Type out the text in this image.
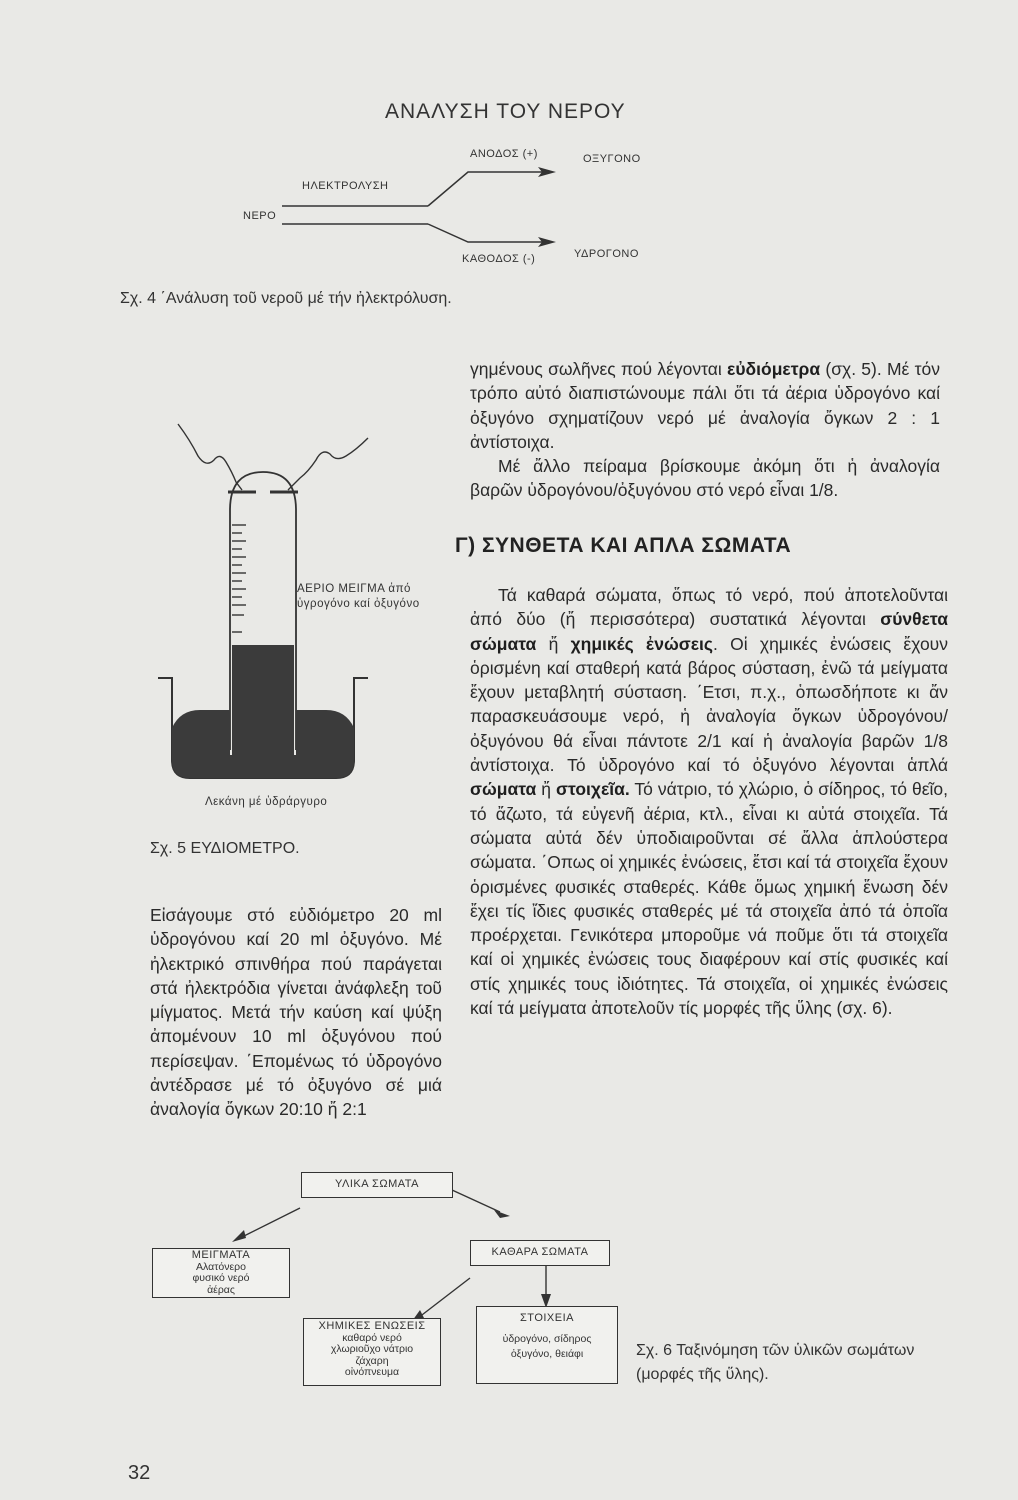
ΑΝΑΛΥΣΗ ΤΟΥ ΝΕΡΟΥ
ΑΝΟΔΟΣ (+)	ΟΞΥΓΟΝΟ
ΗΛΕΚΤΡΟΛΥΣΗ
ΝΕΡΟ
ΚΑΘΟΔΟΣ (-)	ΥΔΡΟΓΟΝΟ
Σχ. 4 ΄Ανάλυση τοῦ νεροῦ μέ τήν ἠλεκτρόλυση.
ΑΕΡΙΟ ΜΕΙΓΜΑ ἀπό
ὑγρογόνο καί ὀξυγόνο
Λεκάνη μέ ὑδράργυρο
Σχ. 5 ΕΥΔΙΟΜΕΤΡΟ.

Εἰσάγουμε στό εὐδιόμετρο 20 ml ὑδρογόνου καί 20 ml ὀξυγόνο. Μέ ἠλεκτρικό σπινθήρα πού παράγεται στά ἠλεκτρόδια γίνεται ἀνάφλεξη τοῦ μίγματος. Μετά τήν καύση καί ψύξη ἀπομένουν 10 ml ὀξυγόνου πού περίσεψαν. ΄Επομένως τό ὑδρογόνο ἀντέδρασε μέ τό ὀξυγόνο σέ μιά ἀναλογία ὄγκων 20:10 ἤ 2:1

γημένους σωλῆνες πού λέγονται εὐδιόμετρα (σχ. 5). Μέ τόν τρόπο αὐτό διαπιστώνουμε πάλι ὅτι τά ἀέρια ὑδρογόνο καί ὀξυγόνο σχηματίζουν νερό μέ ἀναλογία ὄγκων 2 : 1 ἀντίστοιχα.

Μέ ἄλλο πείραμα βρίσκουμε ἀκόμη ὅτι ἡ ἀναλογία βαρῶν ὑδρογόνου/ὀξυγόνου στό νερό εἶναι 1/8.

Γ) ΣΥΝΘΕΤΑ ΚΑΙ ΑΠΛΑ ΣΩΜΑΤΑ

Τά καθαρά σώματα, ὅπως τό νερό, πού ἀποτελοῦνται ἀπό δύο (ἤ περισσότερα) συστατικά λέγονται σύνθετα σώματα ἤ χημικές ἐνώσεις. Οἱ χημικές ἐνώσεις ἔχουν ὁρισμένη καί σταθερή κατά βάρος σύσταση, ἐνῶ τά μείγματα ἔχουν μεταβλητή σύσταση. ΄Ετσι, π.χ., ὁπωσδήποτε κι ἄν παρασκευάσουμε νερό, ἡ ἀναλογία ὄγκων ὑδρογόνου/ὀξυγόνου θά εἶναι πάντοτε 2/1 καί ἡ ἀναλογία βαρῶν 1/8 ἀντίστοιχα. Τό ὑδρογόνο καί τό ὀξυγόνο λέγονται ἁπλά σώματα ἤ στοιχεῖα. Τό νάτριο, τό χλώριο, ὁ σίδηρος, τό θεῖο, τό ἄζωτο, τά εὐγενῆ ἀέρια, κτλ., εἶναι κι αὐτά στοιχεῖα. Τά σώματα αὐτά δέν ὑποδιαιροῦνται σέ ἄλλα ἁπλούστερα σώματα. ΄Οπως οἱ χημικές ἐνώσεις, ἔτσι καί τά στοιχεῖα ἔχουν ὁρισμένες φυσικές σταθερές. Κάθε ὅμως χημική ἕνωση δέν ἔχει τίς ἴδιες φυσικές σταθερές μέ τά στοιχεῖα ἀπό τά ὁποῖα προέρχεται. Γενικότερα μποροῦμε νά ποῦμε ὅτι τά στοιχεῖα καί οἱ χημικές ἐνώσεις τους διαφέρουν καί στίς φυσικές καί στίς χημικές τους ἰδιότητες. Τά στοιχεῖα, οἱ χημικές ἐνώσεις καί τά μείγματα ἀποτελοῦν τίς μορφές τῆς ὕλης (σχ. 6).

ΥΛΙΚΑ ΣΩΜΑΤΑ
ΜΕΙΓΜΑΤΑ
Αλατόνερο
φυσικό νερό
ἀέρας
ΚΑΘΑΡΑ ΣΩΜΑΤΑ
ΧΗΜΙΚΕΣ ΕΝΩΣΕΙΣ
καθαρό νερό
χλωριοῦχο νάτριο
ζάχαρη
οἰνόπνευμα
ΣΤΟΙΧΕΙΑ
ὑδρογόνο, σίδηρος
ὀξυγόνο, θειάφι	Σχ. 6 Ταξινόμηση τῶν ὑλικῶν σωμάτων
(μορφές τῆς ὕλης).
32
